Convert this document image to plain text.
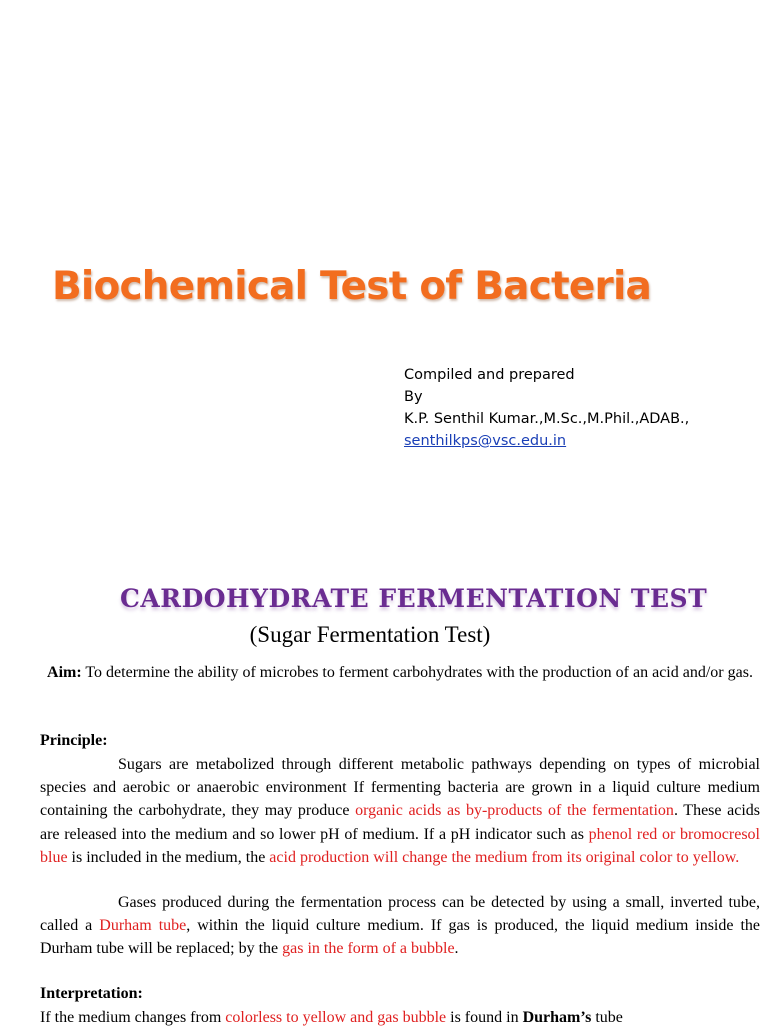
Biochemical Test of Bacteria
Compiled and prepared
By
K.P. Senthil Kumar.,M.Sc.,M.Phil.,ADAB.,
senthilkps@vsc.edu.in
CARDOHYDRATE FERMENTATION TEST
(Sugar Fermentation Test)
Aim: To determine the ability of microbes to ferment carbohydrates with the production of an acid and/or gas.
Principle:
Sugars are metabolized through different metabolic pathways depending on types of microbial species and aerobic or anaerobic environment If fermenting bacteria are grown in a liquid culture medium containing the carbohydrate, they may produce organic acids as by-products of the fermentation. These acids are released into the medium and so lower pH of medium. If a pH indicator such as phenol red or bromocresol blue is included in the medium, the acid production will change the medium from its original color to yellow.
Gases produced during the fermentation process can be detected by using a small, inverted tube, called a Durham tube, within the liquid culture medium. If gas is produced, the liquid medium inside the Durham tube will be replaced; by the gas in the form of a bubble.
Interpretation:
If the medium changes from colorless to yellow and gas bubble is found in Durham’s tube
